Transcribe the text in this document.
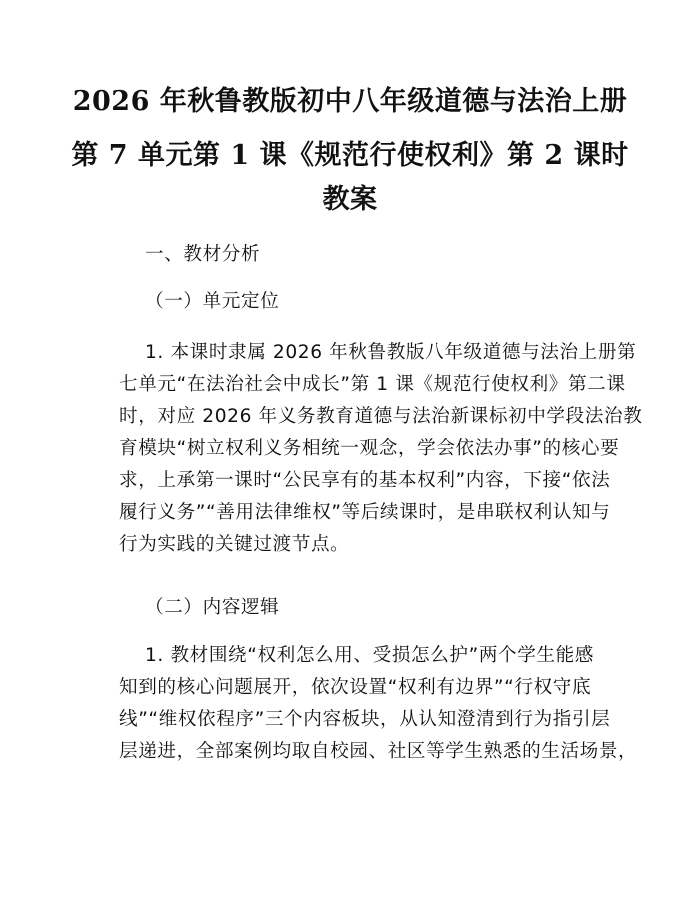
2026 年秋鲁教版初中八年级道德与法治上册
第 7 单元第 1 课《规范行使权利》第 2 课时
教案
一、教材分析
（一）单元定位
1. 本课时隶属 2026 年秋鲁教版八年级道德与法治上册第
七单元“在法治社会中成长”第 1 课《规范行使权利》第二课
时，对应 2026 年义务教育道德与法治新课标初中学段法治教
育模块“树立权利义务相统一观念，学会依法办事”的核心要
求，上承第一课时“公民享有的基本权利”内容，下接“依法
履行义务”“善用法律维权”等后续课时，是串联权利认知与
行为实践的关键过渡节点。
（二）内容逻辑
1. 教材围绕“权利怎么用、受损怎么护”两个学生能感
知到的核心问题展开，依次设置“权利有边界”“行权守底
线”“维权依程序”三个内容板块，从认知澄清到行为指引层
层递进，全部案例均取自校园、社区等学生熟悉的生活场景，
